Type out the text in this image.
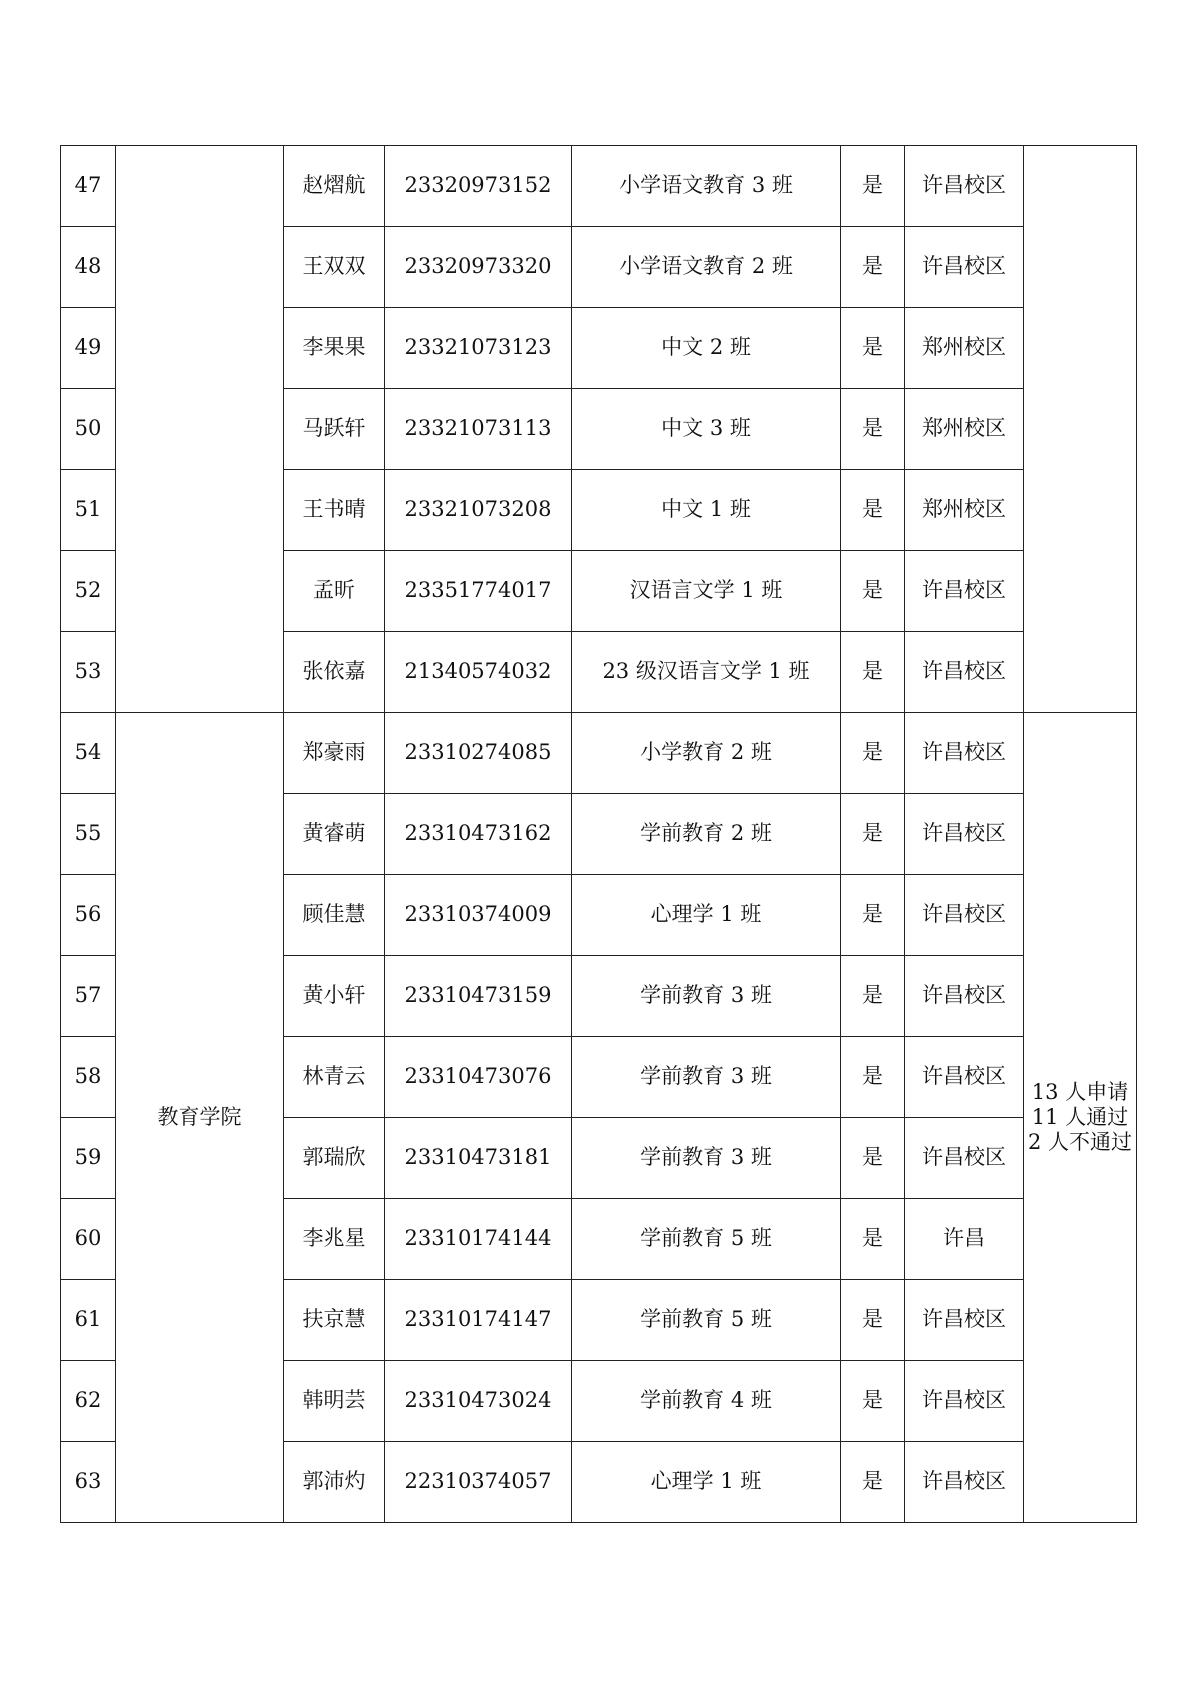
47		赵熠航	23320973152	小学语文教育 3 班	是	许昌校区	
48		王双双	23320973320	小学语文教育 2 班	是	许昌校区	
49		李果果	23321073123	中文 2 班	是	郑州校区	
50		马跃轩	23321073113	中文 3 班	是	郑州校区	
51		王书晴	23321073208	中文 1 班	是	郑州校区	
52		孟昕	23351774017	汉语言文学 1 班	是	许昌校区	
53		张依嘉	21340574032	23 级汉语言文学 1 班	是	许昌校区	
54	教育学院	郑豪雨	23310274085	小学教育 2 班	是	许昌校区	13 人申请
11 人通过
2 人不通过

55		黄睿萌	23310473162	学前教育 2 班	是	许昌校区	
56		顾佳慧	23310374009	心理学 1 班	是	许昌校区	
57		黄小轩	23310473159	学前教育 3 班	是	许昌校区	
58		林青云	23310473076	学前教育 3 班	是	许昌校区	
59		郭瑞欣	23310473181	学前教育 3 班	是	许昌校区	
60		李兆星	23310174144	学前教育 5 班	是	许昌	
61		扶京慧	23310174147	学前教育 5 班	是	许昌校区	
62		韩明芸	23310473024	学前教育 4 班	是	许昌校区	
63		郭沛灼	22310374057	心理学 1 班	是	许昌校区	
